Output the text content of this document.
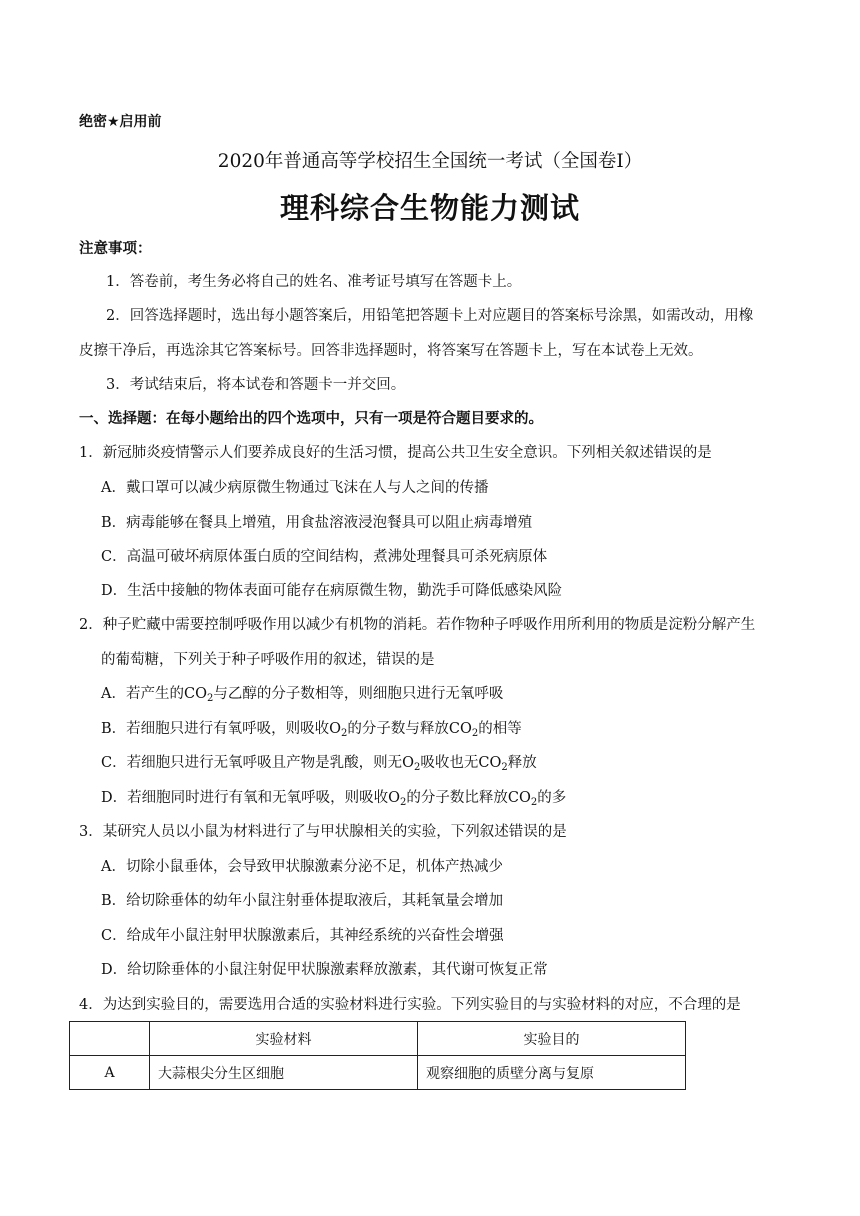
绝密★启用前
2020年普通高等学校招生全国统一考试（全国卷Ⅰ）
理科综合生物能力测试
注意事项：
1．答卷前，考生务必将自己的姓名、准考证号填写在答题卡上。
2．回答选择题时，选出每小题答案后，用铅笔把答题卡上对应题目的答案标号涂黑，如需改动，用橡
皮擦干净后，再选涂其它答案标号。回答非选择题时，将答案写在答题卡上，写在本试卷上无效。
3．考试结束后，将本试卷和答题卡一并交回。
一、选择题：在每小题给出的四个选项中，只有一项是符合题目要求的。
1．新冠肺炎疫情警示人们要养成良好的生活习惯，提高公共卫生安全意识。下列相关叙述错误的是
A．戴口罩可以减少病原微生物通过飞沫在人与人之间的传播
B．病毒能够在餐具上增殖，用食盐溶液浸泡餐具可以阻止病毒增殖
C．高温可破坏病原体蛋白质的空间结构，煮沸处理餐具可杀死病原体
D．生活中接触的物体表面可能存在病原微生物，勤洗手可降低感染风险
2．种子贮藏中需要控制呼吸作用以减少有机物的消耗。若作物种子呼吸作用所利用的物质是淀粉分解产生
的葡萄糖，下列关于种子呼吸作用的叙述，错误的是
A．若产生的$CO_2$与乙醇的分子数相等，则细胞只进行无氧呼吸
B．若细胞只进行有氧呼吸，则吸收$O_2$的分子数与释放$CO_2$的相等
C．若细胞只进行无氧呼吸且产物是乳酸，则无$O_2$吸收也无$CO_2$释放
D．若细胞同时进行有氧和无氧呼吸，则吸收$O_2$的分子数比释放$CO_2$的多
3．某研究人员以小鼠为材料进行了与甲状腺相关的实验，下列叙述错误的是
A．切除小鼠垂体，会导致甲状腺激素分泌不足，机体产热减少
B．给切除垂体的幼年小鼠注射垂体提取液后，其耗氧量会增加
C．给成年小鼠注射甲状腺激素后，其神经系统的兴奋性会增强
D．给切除垂体的小鼠注射促甲状腺激素释放激素，其代谢可恢复正常
4．为达到实验目的，需要选用合适的实验材料进行实验。下列实验目的与实验材料的对应，不合理的是
	实验材料	实验目的
A	大蒜根尖分生区细胞	观察细胞的质壁分离与复原
